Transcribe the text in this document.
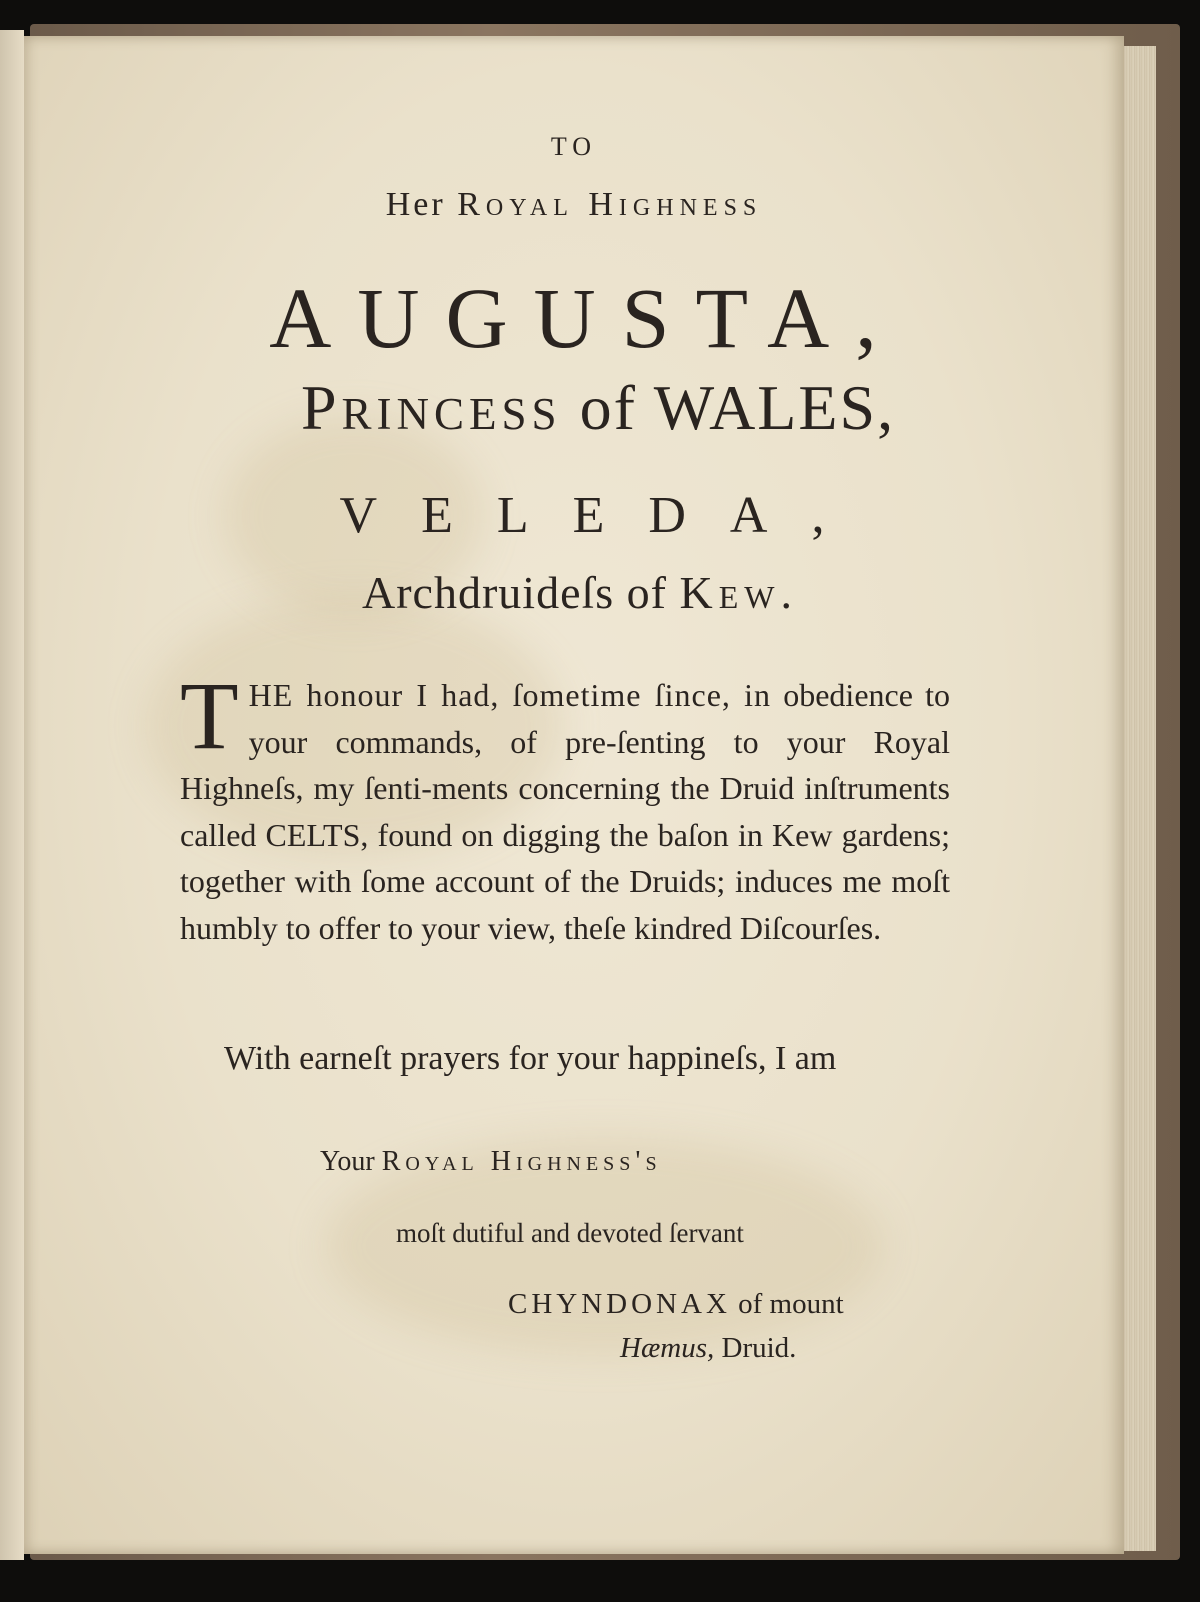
TO
Her Royal Highness
AUGUSTA,
Princess of WALES,
VELEDA,
Archdruideſs of Kew.
T HE honour I had, ſometime ſince, in obedience to your commands, of pre-ſenting to your Royal Highneſs, my ſenti-ments concerning the Druid inſtruments called CELTS, found on digging the baſon in Kew gardens; together with ſome account of the Druids; induces me moſt humbly to offer to your view, theſe kindred Diſcourſes.
With earneſt prayers for your happineſs, I am
Your Royal Highness's
moſt dutiful and devoted ſervant
CHYNDONAX of mount
Hæmus, Druid.
